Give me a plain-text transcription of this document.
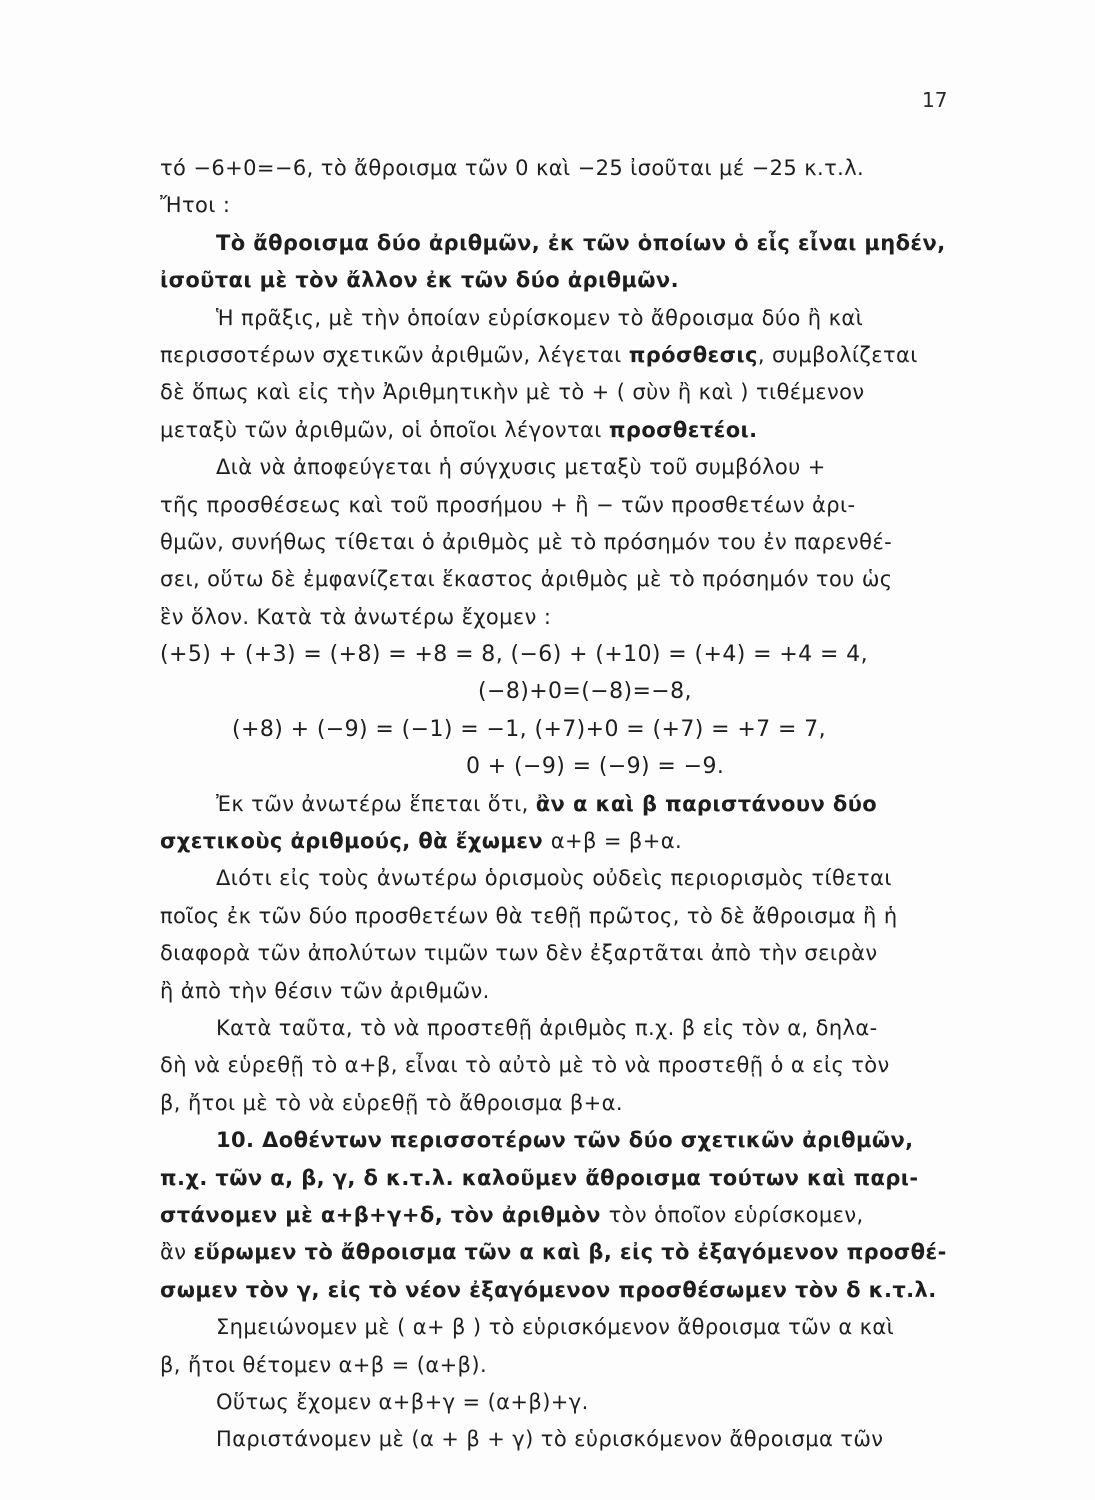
17
τό −6+0=−6, τὸ ἄθροισμα τῶν 0 καὶ −25 ἰσοῦται μέ −25 κ.τ.λ.
Ἤτοι :
Τὸ ἄθροισμα δύο ἀριθμῶν, ἐκ τῶν ὁποίων ὁ εἷς εἶναι μηδέν,
ἰσοῦται μὲ τὸν ἄλλον ἐκ τῶν δύο ἀριθμῶν.
Ἡ πρᾶξις, μὲ τὴν ὁποίαν εὑρίσκομεν τὸ ἄθροισμα δύο ἢ καὶ
περισσοτέρων σχετικῶν ἀριθμῶν, λέγεται πρόσθεσις, συμβολίζεται
δὲ ὅπως καὶ εἰς τὴν Ἀριθμητικὴν μὲ τὸ + ( σὺν ἢ καὶ ) τιθέμενον
μεταξὺ τῶν ἀριθμῶν, οἱ ὁποῖοι λέγονται προσθετέοι.
Διὰ νὰ ἀποφεύγεται ἡ σύγχυσις μεταξὺ τοῦ συμβόλου +
τῆς προσθέσεως καὶ τοῦ προσήμου + ἢ − τῶν προσθετέων ἀρι-
θμῶν, συνήθως τίθεται ὁ ἀριθμὸς μὲ τὸ πρόσημόν του ἐν παρενθέ-
σει, οὕτω δὲ ἐμφανίζεται ἕκαστος ἀριθμὸς μὲ τὸ πρόσημόν του ὡς
ἓν ὅλον. Κατὰ τὰ ἀνωτέρω ἔχομεν :
(+5) + (+3) = (+8) = +8 = 8, (−6) + (+10) = (+4) = +4 = 4,
(−8)+0=(−8)=−8,
(+8) + (−9) = (−1) = −1, (+7)+0 = (+7) = +7 = 7,
0 + (−9) = (−9) = −9.
Ἐκ τῶν ἀνωτέρω ἕπεται ὅτι, ἂν α καὶ β παριστάνουν δύο
σχετικοὺς ἀριθμούς, θὰ ἔχωμεν α+β = β+α.
Διότι εἰς τοὺς ἀνωτέρω ὁρισμοὺς οὐδεὶς περιορισμὸς τίθεται
ποῖος ἐκ τῶν δύο προσθετέων θὰ τεθῇ πρῶτος, τὸ δὲ ἄθροισμα ἢ ἡ
διαφορὰ τῶν ἀπολύτων τιμῶν των δὲν ἐξαρτᾶται ἀπὸ τὴν σειρὰν
ἢ ἀπὸ τὴν θέσιν τῶν ἀριθμῶν.
Κατὰ ταῦτα, τὸ νὰ προστεθῇ ἀριθμὸς π.χ. β εἰς τὸν α, δηλα-
δὴ νὰ εὑρεθῇ τὸ α+β, εἶναι τὸ αὐτὸ μὲ τὸ νὰ προστεθῇ ὁ α εἰς τὸν
β, ἤτοι μὲ τὸ νὰ εὑρεθῇ τὸ ἄθροισμα β+α.
10. Δοθέντων περισσοτέρων τῶν δύο σχετικῶν ἀριθμῶν,
π.χ. τῶν α, β, γ, δ κ.τ.λ. καλοῦμεν ἄθροισμα τούτων καὶ παρι-
στάνομεν μὲ α+β+γ+δ, τὸν ἀριθμὸν τὸν ὁποῖον εὑρίσκομεν,
ἂν εὕρωμεν τὸ ἄθροισμα τῶν α καὶ β, εἰς τὸ ἐξαγόμενον προσθέ-
σωμεν τὸν γ, εἰς τὸ νέον ἐξαγόμενον προσθέσωμεν τὸν δ κ.τ.λ.
Σημειώνομεν μὲ ( α+ β ) τὸ εὑρισκόμενον ἄθροισμα τῶν α καὶ
β, ἤτοι θέτομεν α+β = (α+β).
Οὕτως ἔχομεν α+β+γ = (α+β)+γ.
Παριστάνομεν μὲ (α + β + γ) τὸ εὑρισκόμενον ἄθροισμα τῶν
